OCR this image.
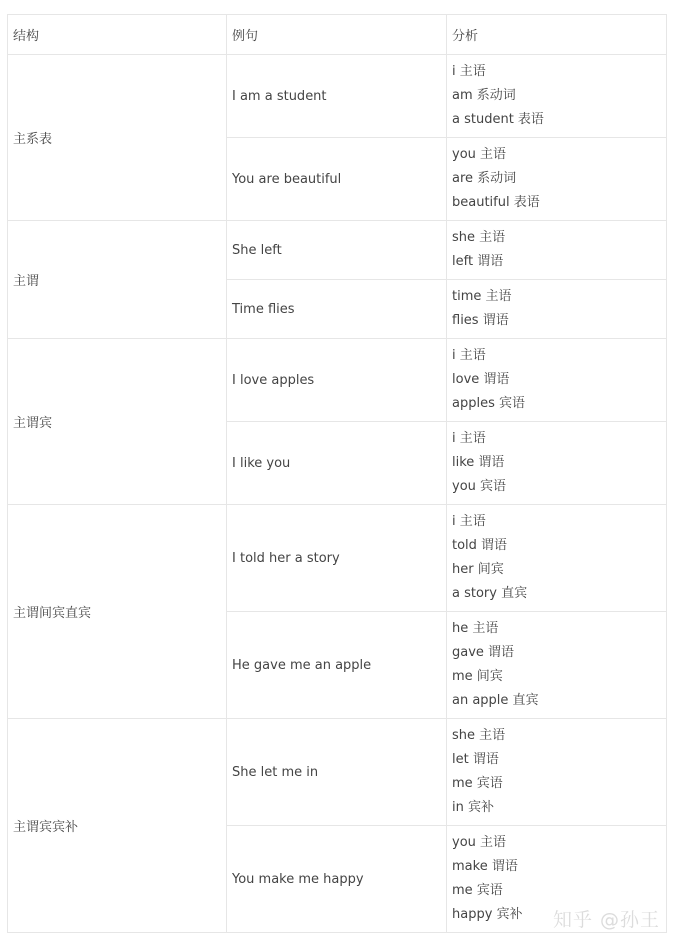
结构	例句	分析
主系表	I am a student	i 主语
am 系动词
a student 表语

	You are beautiful	you 主语
are 系动词
beautiful 表语

主谓	She left	she 主语
left 谓语

	Time flies	time 主语
flies 谓语

主谓宾	I love apples	i 主语
love 谓语
apples 宾语

	I like you	i 主语
like 谓语
you 宾语

主谓间宾直宾	I told her a story	i 主语
told 谓语
her 间宾
a story 直宾

	He gave me an apple	he 主语
gave 谓语
me 间宾
an apple 直宾

主谓宾宾补	She let me in	she 主语
let 谓语
me 宾语
in 宾补

	You make me happy	you 主语
make 谓语
me 宾语
happy 宾补	知乎 @孙王
